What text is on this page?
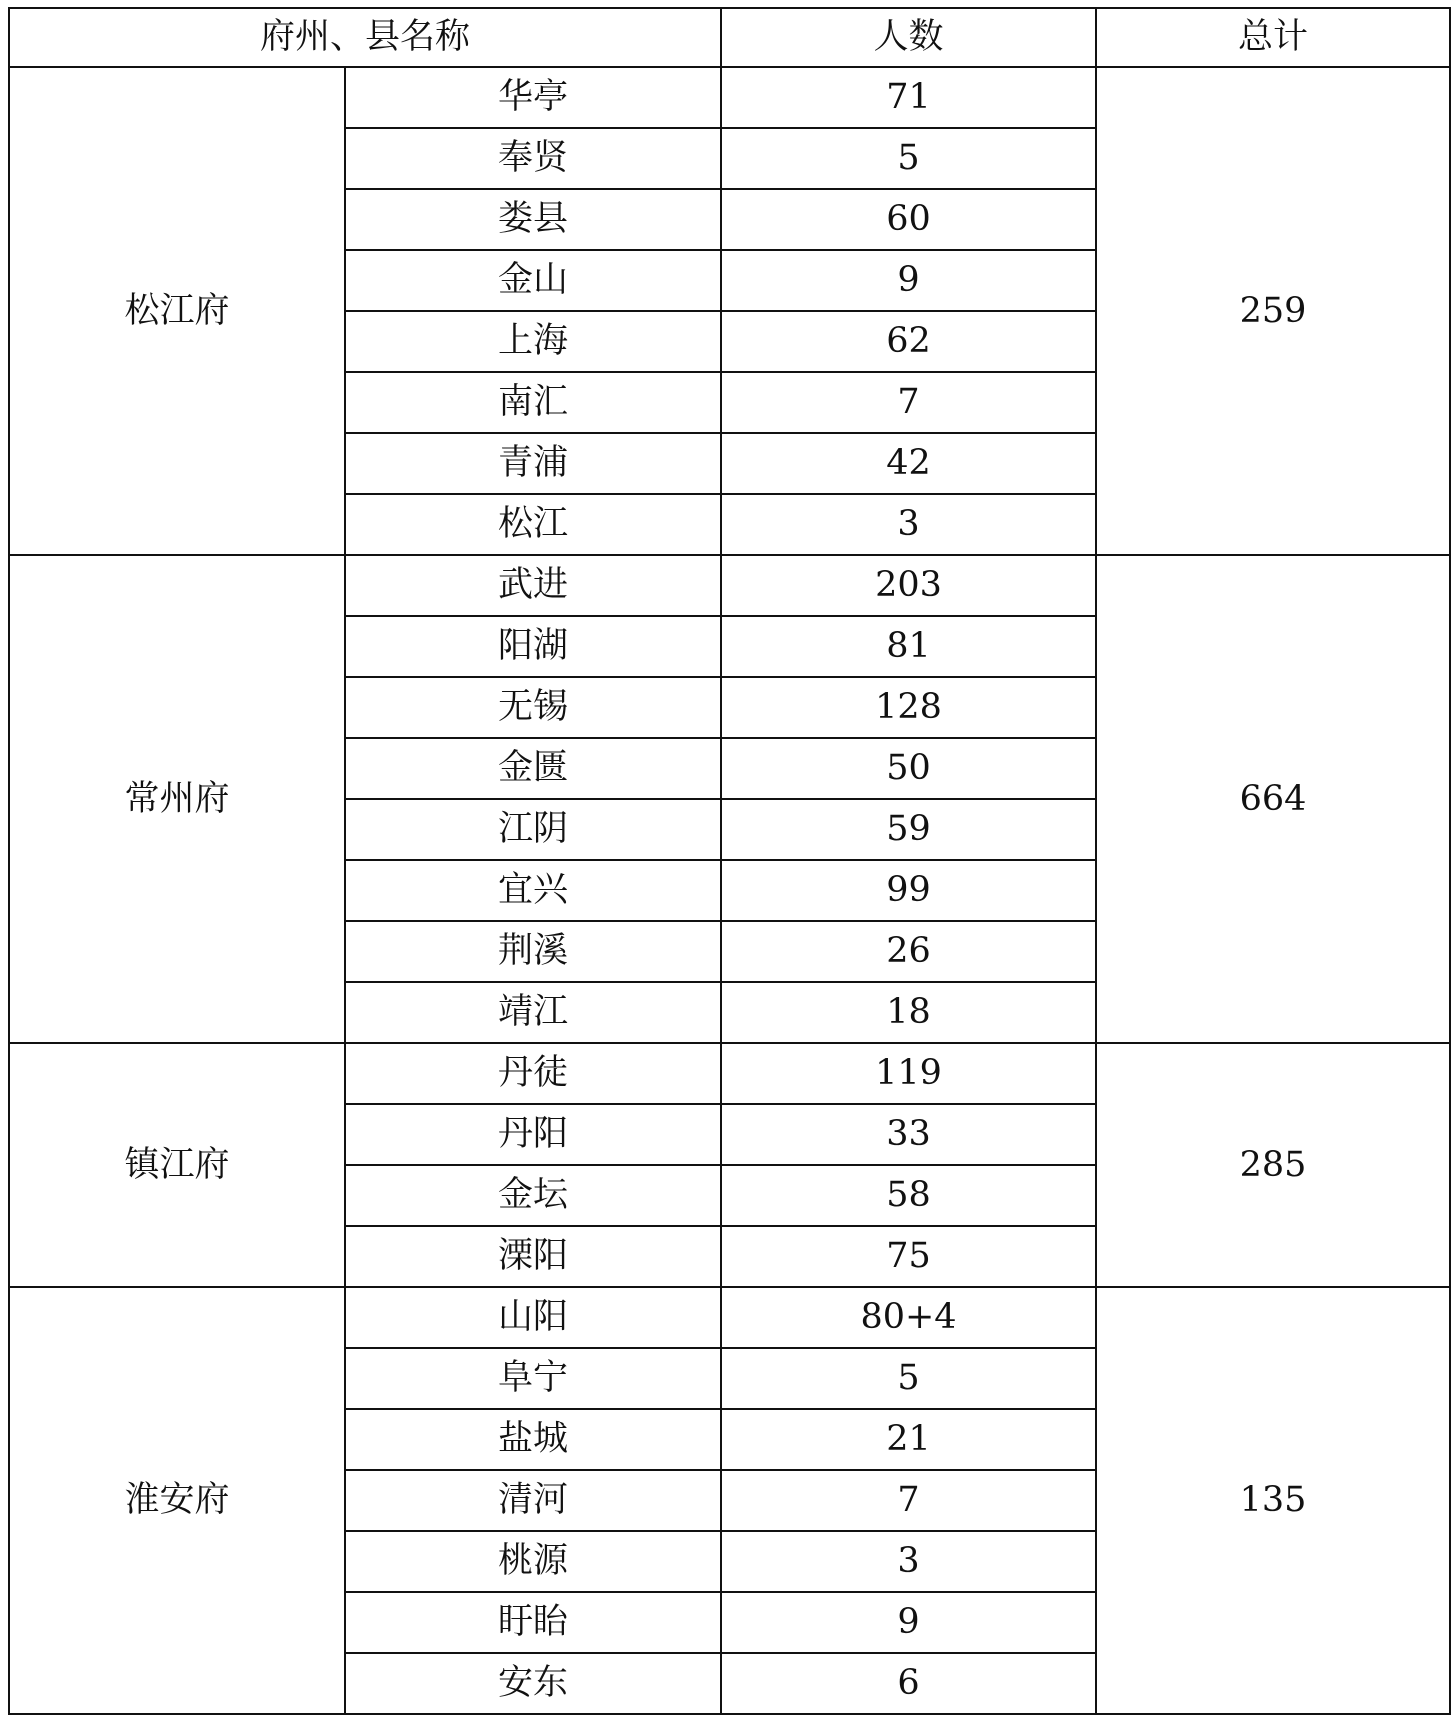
府州、县名称		人数	总计
松江府	华亭	71	259
	奉贤	5	
	娄县	60	
	金山	9	
	上海	62	
	南汇	7	
	青浦	42	
	松江	3	
常州府	武进	203	664
	阳湖	81	
	无锡	128	
	金匮	50	
	江阴	59	
	宜兴	99	
	荆溪	26	
	靖江	18	
镇江府	丹徒	119	285
	丹阳	33	
	金坛	58	
	溧阳	75	
淮安府	山阳	80+4	135
	阜宁	5	
	盐城	21	
	清河	7	
	桃源	3	
	盱眙	9	
	安东	6	
